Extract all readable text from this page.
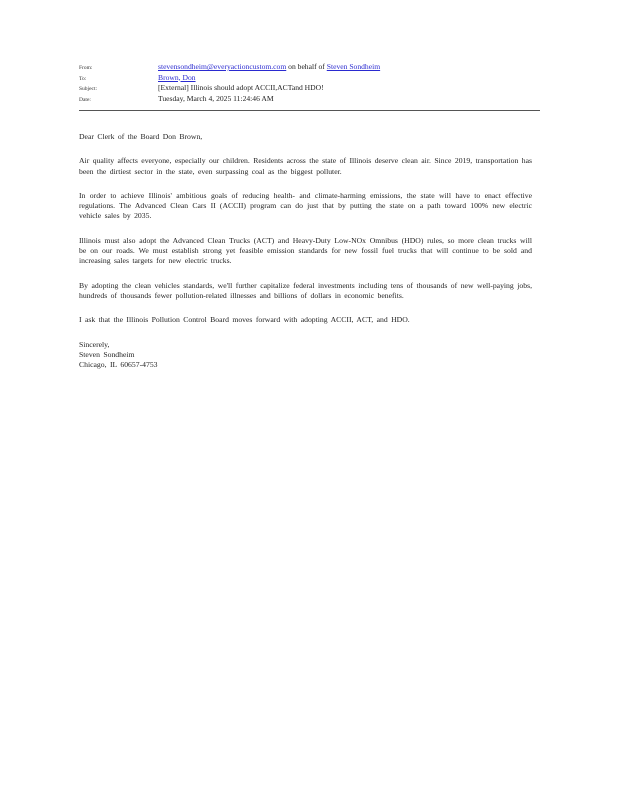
From:	stevensondheim@everyactioncustom.com on behalf of Steven Sondheim
To:	Brown, Don
Subject:	[External] Illinois should adopt ACCII,ACTand HDO!
Date:	Tuesday, March 4, 2025 11:24:46 AM

Dear Clerk of the Board Don Brown,

Air quality affects everyone, especially our children. Residents across the state of Illinois deserve clean air. Since 2019, transportation has been the dirtiest sector in the state, even surpassing coal as the biggest polluter.

In order to achieve Illinois' ambitious goals of reducing health- and climate-harming emissions, the state will have to enact effective regulations. The Advanced Clean Cars II (ACCII) program can do just that by putting the state on a path toward 100% new electric vehicle sales by 2035.

Illinois must also adopt the Advanced Clean Trucks (ACT) and Heavy-Duty Low-NOx Omnibus (HDO) rules, so more clean trucks will be on our roads. We must establish strong yet feasible emission standards for new fossil fuel trucks that will continue to be sold and increasing sales targets for new electric trucks.

By adopting the clean vehicles standards, we'll further capitalize federal investments including tens of thousands of new well-paying jobs, hundreds of thousands fewer pollution-related illnesses and billions of dollars in economic benefits.

I ask that the Illinois Pollution Control Board moves forward with adopting ACCII, ACT, and HDO.

Sincerely,
Steven Sondheim
Chicago, IL 60657-4753
